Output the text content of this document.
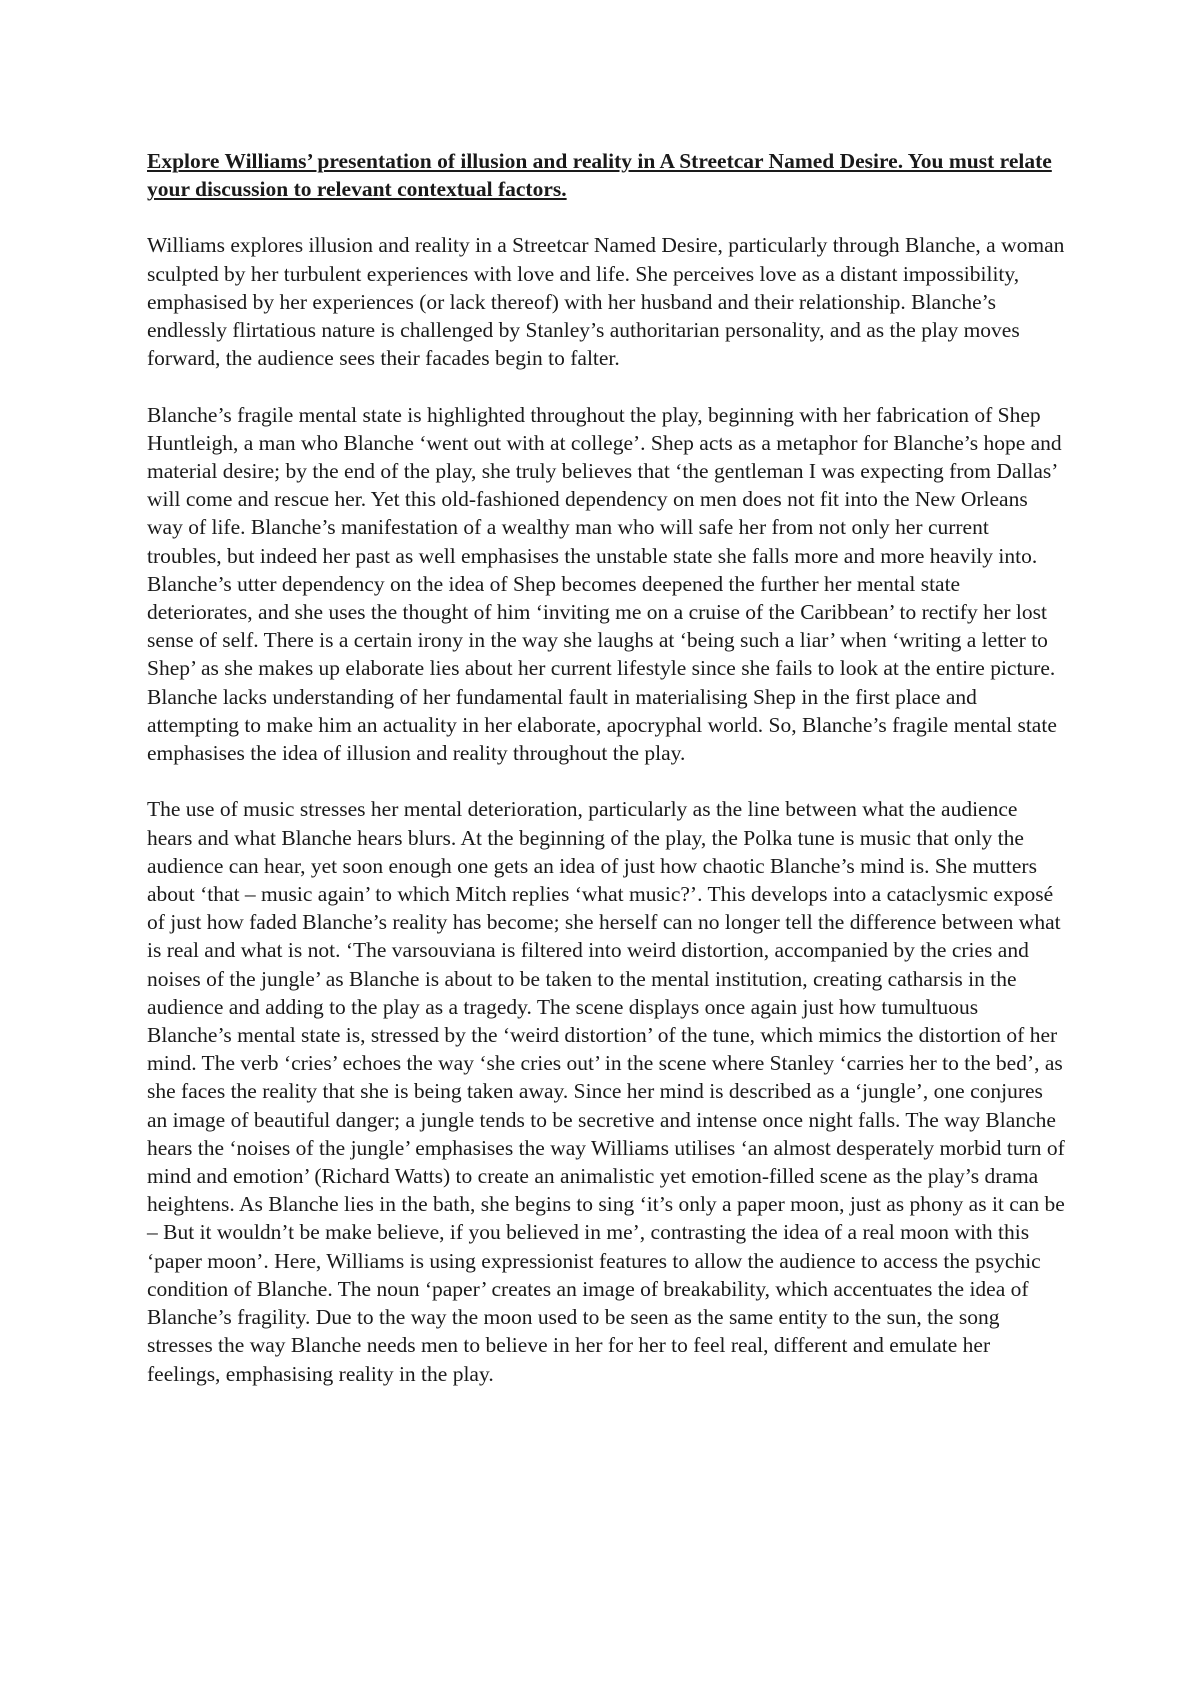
Explore Williams’ presentation of illusion and reality in A Streetcar Named Desire. You must relate your discussion to relevant contextual factors.

Williams explores illusion and reality in a Streetcar Named Desire, particularly through Blanche, a woman sculpted by her turbulent experiences with love and life. She perceives love as a distant impossibility, emphasised by her experiences (or lack thereof) with her husband and their relationship. Blanche’s endlessly flirtatious nature is challenged by Stanley’s authoritarian personality, and as the play moves forward, the audience sees their facades begin to falter.

Blanche’s fragile mental state is highlighted throughout the play, beginning with her fabrication of Shep Huntleigh, a man who Blanche ‘went out with at college’. Shep acts as a metaphor for Blanche’s hope and material desire; by the end of the play, she truly believes that ‘the gentleman I was expecting from Dallas’ will come and rescue her. Yet this old-fashioned dependency on men does not fit into the New Orleans way of life. Blanche’s manifestation of a wealthy man who will safe her from not only her current troubles, but indeed her past as well emphasises the unstable state she falls more and more heavily into. Blanche’s utter dependency on the idea of Shep becomes deepened the further her mental state deteriorates, and she uses the thought of him ‘inviting me on a cruise of the Caribbean’ to rectify her lost sense of self. There is a certain irony in the way she laughs at ‘being such a liar’ when ‘writing a letter to Shep’ as she makes up elaborate lies about her current lifestyle since she fails to look at the entire picture. Blanche lacks understanding of her fundamental fault in materialising Shep in the first place and attempting to make him an actuality in her elaborate, apocryphal world. So, Blanche’s fragile mental state emphasises the idea of illusion and reality throughout the play.

The use of music stresses her mental deterioration, particularly as the line between what the audience hears and what Blanche hears blurs. At the beginning of the play, the Polka tune is music that only the audience can hear, yet soon enough one gets an idea of just how chaotic Blanche’s mind is. She mutters about ‘that – music again’ to which Mitch replies ‘what music?’. This develops into a cataclysmic exposé of just how faded Blanche’s reality has become; she herself can no longer tell the difference between what is real and what is not. ‘The varsouviana is filtered into weird distortion, accompanied by the cries and noises of the jungle’ as Blanche is about to be taken to the mental institution, creating catharsis in the audience and adding to the play as a tragedy. The scene displays once again just how tumultuous Blanche’s mental state is, stressed by the ‘weird distortion’ of the tune, which mimics the distortion of her mind. The verb ‘cries’ echoes the way ‘she cries out’ in the scene where Stanley ‘carries her to the bed’, as she faces the reality that she is being taken away. Since her mind is described as a ‘jungle’, one conjures an image of beautiful danger; a jungle tends to be secretive and intense once night falls. The way Blanche hears the ‘noises of the jungle’ emphasises the way Williams utilises ‘an almost desperately morbid turn of mind and emotion’ (Richard Watts) to create an animalistic yet emotion-filled scene as the play’s drama heightens. As Blanche lies in the bath, she begins to sing ‘it’s only a paper moon, just as phony as it can be – But it wouldn’t be make believe, if you believed in me’, contrasting the idea of a real moon with this ‘paper moon’. Here, Williams is using expressionist features to allow the audience to access the psychic condition of Blanche. The noun ‘paper’ creates an image of breakability, which accentuates the idea of Blanche’s fragility. Due to the way the moon used to be seen as the same entity to the sun, the song stresses the way Blanche needs men to believe in her for her to feel real, different and emulate her feelings, emphasising reality in the play.
